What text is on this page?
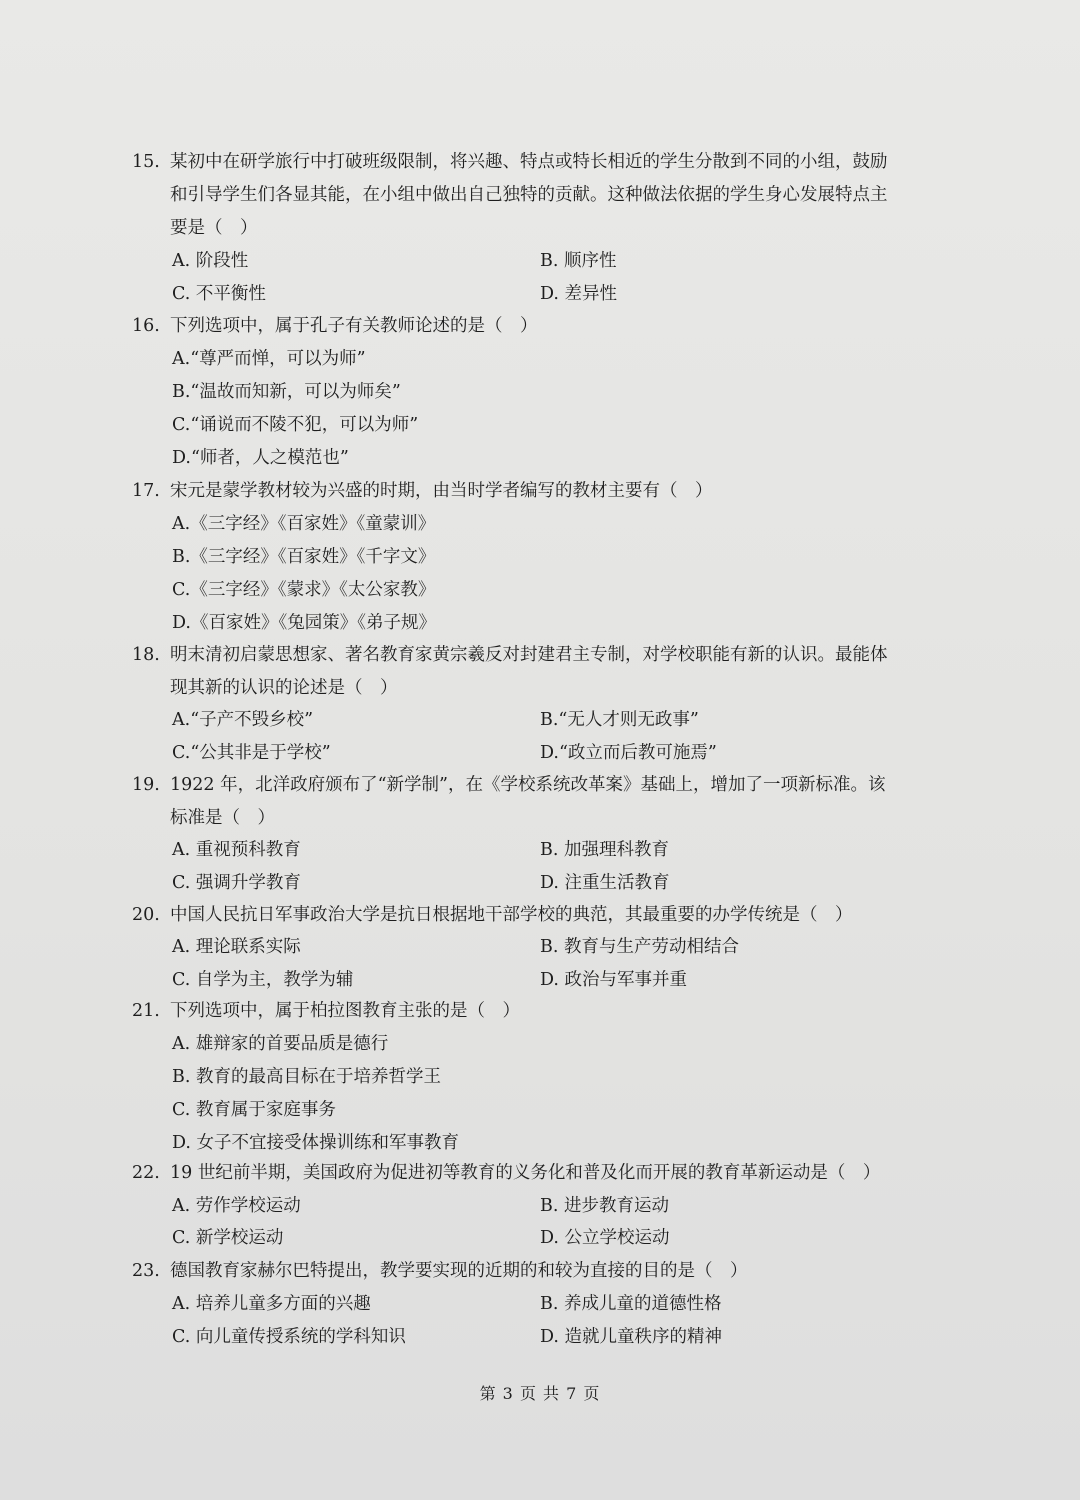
15. 某初中在研学旅行中打破班级限制，将兴趣、特点或特长相近的学生分散到不同的小组，鼓励
和引导学生们各显其能，在小组中做出自己独特的贡献。这种做法依据的学生身心发展特点主
要是（　）
A. 阶段性	B. 顺序性
C. 不平衡性	D. 差异性
16. 下列选项中，属于孔子有关教师论述的是（　）
A.“尊严而惮，可以为师”
B.“温故而知新，可以为师矣”
C.“诵说而不陵不犯，可以为师”
D.“师者，人之模范也”
17. 宋元是蒙学教材较为兴盛的时期，由当时学者编写的教材主要有（　）
A.《三字经》《百家姓》《童蒙训》
B.《三字经》《百家姓》《千字文》
C.《三字经》《蒙求》《太公家教》
D.《百家姓》《兔园策》《弟子规》
18. 明末清初启蒙思想家、著名教育家黄宗羲反对封建君主专制，对学校职能有新的认识。最能体
现其新的认识的论述是（　）
A.“子产不毁乡校”	B.“无人才则无政事”
C.“公其非是于学校”	D.“政立而后教可施焉”
19. 1922 年，北洋政府颁布了“新学制”，在《学校系统改革案》基础上，增加了一项新标准。该
标准是（　）
A. 重视预科教育	B. 加强理科教育
C. 强调升学教育	D. 注重生活教育
20. 中国人民抗日军事政治大学是抗日根据地干部学校的典范，其最重要的办学传统是（　）
A. 理论联系实际	B. 教育与生产劳动相结合
C. 自学为主，教学为辅	D. 政治与军事并重
21. 下列选项中，属于柏拉图教育主张的是（　）
A. 雄辩家的首要品质是德行
B. 教育的最高目标在于培养哲学王
C. 教育属于家庭事务
D. 女子不宜接受体操训练和军事教育
22. 19 世纪前半期，美国政府为促进初等教育的义务化和普及化而开展的教育革新运动是（　）
A. 劳作学校运动	B. 进步教育运动
C. 新学校运动	D. 公立学校运动
23. 德国教育家赫尔巴特提出，教学要实现的近期的和较为直接的目的是（　）
A. 培养儿童多方面的兴趣	B. 养成儿童的道德性格
C. 向儿童传授系统的学科知识	D. 造就儿童秩序的精神
第 3 页 共 7 页
